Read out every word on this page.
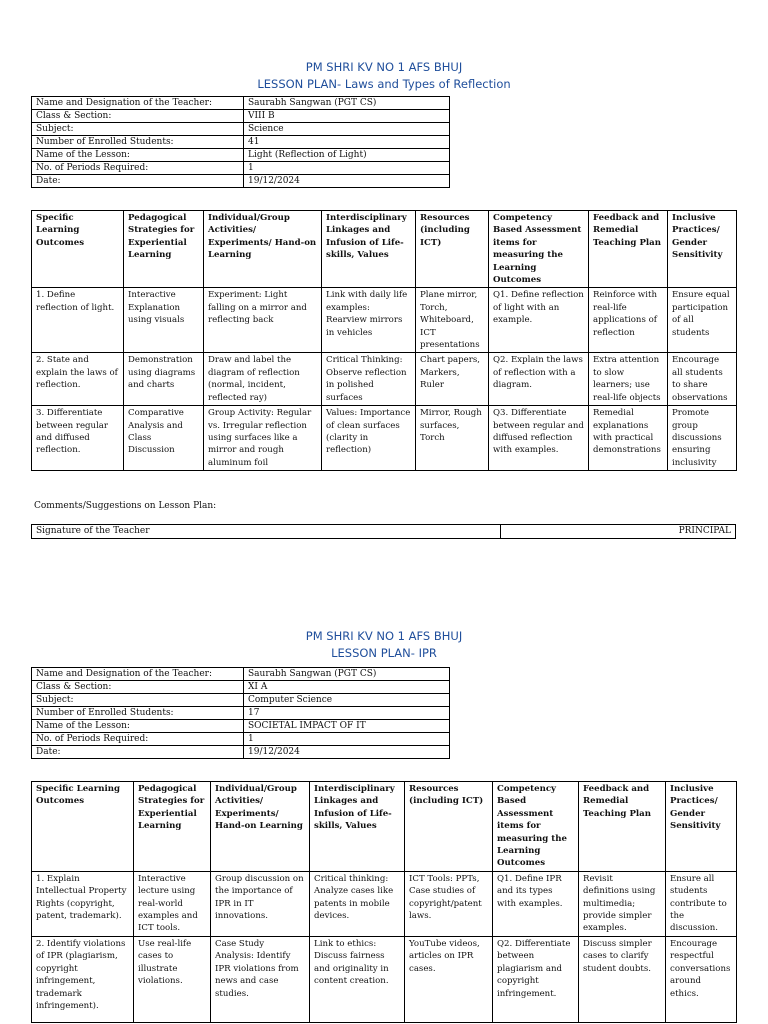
PM SHRI KV NO 1 AFS BHUJ
LESSON PLAN- Laws and Types of Reflection
Name and Designation of the Teacher:	Saurabh Sangwan (PGT CS)
Class & Section:	VIII B
Subject:	Science
Number of Enrolled Students:	41
Name of the Lesson:	Light (Reflection of Light)
No. of Periods Required:	1
Date:	19/12/2024
Specific Learning Outcomes	Pedagogical Strategies for Experiential Learning	Individual/Group Activities/ Experiments/ Hand-on Learning	Interdisciplinary Linkages and Infusion of Life-skills, Values	Resources (including ICT)	Competency Based Assessment items for measuring the Learning Outcomes	Feedback and Remedial Teaching Plan	Inclusive Practices/ Gender Sensitivity
1. Define reflection of light.	Interactive Explanation using visuals	Experiment: Light falling on a mirror and reflecting back	Link with daily life examples: Rearview mirrors in vehicles	Plane mirror, Torch, Whiteboard, ICT presentations	Q1. Define reflection of light with an example.	Reinforce with real-life applications of reflection	Ensure equal participation of all students
2. State and explain the laws of reflection.	Demonstration using diagrams and charts	Draw and label the diagram of reflection (normal, incident, reflected ray)	Critical Thinking: Observe reflection in polished surfaces	Chart papers, Markers, Ruler	Q2. Explain the laws of reflection with a diagram.	Extra attention to slow learners; use real-life objects	Encourage all students to share observations
3. Differentiate between regular and diffused reflection.	Comparative Analysis and Class Discussion	Group Activity: Regular vs. Irregular reflection using surfaces like a mirror and rough aluminum foil	Values: Importance of clean surfaces (clarity in reflection)	Mirror, Rough surfaces, Torch	Q3. Differentiate between regular and diffused reflection with examples.	Remedial explanations with practical demonstrations	Promote group discussions ensuring inclusivity
Comments/Suggestions on Lesson Plan:
Signature of the Teacher	PRINCIPAL
PM SHRI KV NO 1 AFS BHUJ
LESSON PLAN- IPR
Name and Designation of the Teacher:	Saurabh Sangwan (PGT CS)
Class & Section:	XI A
Subject:	Computer Science
Number of Enrolled Students:	17
Name of the Lesson:	SOCIETAL IMPACT OF IT
No. of Periods Required:	1
Date:	19/12/2024
Specific Learning Outcomes	Pedagogical Strategies for Experiential Learning	Individual/Group Activities/ Experiments/ Hand-on Learning	Interdisciplinary Linkages and Infusion of Life-skills, Values	Resources (including ICT)	Competency Based Assessment items for measuring the Learning Outcomes	Feedback and Remedial Teaching Plan	Inclusive Practices/ Gender Sensitivity
1. Explain Intellectual Property Rights (copyright, patent, trademark).	Interactive lecture using real-world examples and ICT tools.	Group discussion on the importance of IPR in IT innovations.	Critical thinking: Analyze cases like patents in mobile devices.	ICT Tools: PPTs, Case studies of copyright/patent laws.	Q1. Define IPR and its types with examples.	Revisit definitions using multimedia; provide simpler examples.	Ensure all students contribute to the discussion.
2. Identify violations of IPR (plagiarism, copyright infringement, trademark infringement).	Use real-life cases to illustrate violations.	Case Study Analysis: Identify IPR violations from news and case studies.	Link to ethics: Discuss fairness and originality in content creation.	YouTube videos, articles on IPR cases.	Q2. Differentiate between plagiarism and copyright infringement.	Discuss simpler cases to clarify student doubts.	Encourage respectful conversations around ethics.
